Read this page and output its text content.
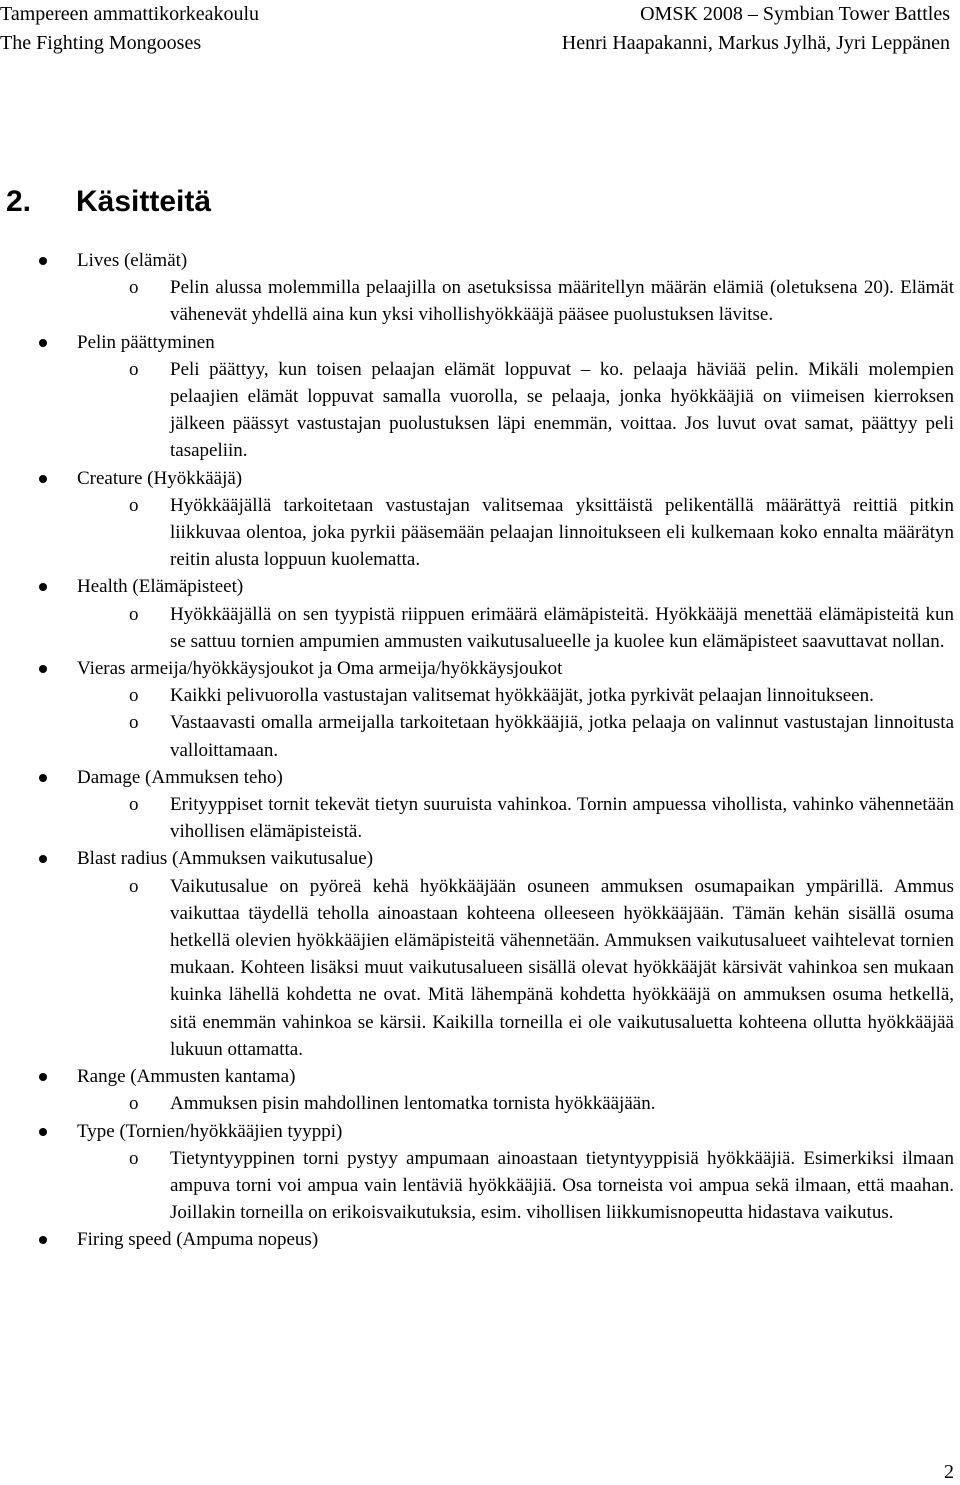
Tampereen ammattikorkeakoulu	OMSK 2008 – Symbian Tower Battles
The Fighting Mongooses	Henri Haapakanni, Markus Jylhä, Jyri Leppänen
2. Käsitteitä
Lives (elämät)
o Pelin alussa molemmilla pelaajilla on asetuksissa määritellyn määrän elämiä (oletuksena 20). Elämät vähenevät yhdellä aina kun yksi vihollishyökkääjä pääsee puolustuksen lävitse.
Pelin päättyminen
o Peli päättyy, kun toisen pelaajan elämät loppuvat – ko. pelaaja häviää pelin. Mikäli molempien pelaajien elämät loppuvat samalla vuorolla, se pelaaja, jonka hyökkääjiä on viimeisen kierroksen jälkeen päässyt vastustajan puolustuksen läpi enemmän, voittaa. Jos luvut ovat samat, päättyy peli tasapeliin.
Creature (Hyökkääjä)
o Hyökkääjällä tarkoitetaan vastustajan valitsemaa yksittäistä pelikentällä määrättyä reittiä pitkin liikkuvaa olentoa, joka pyrkii pääsemään pelaajan linnoitukseen eli kulkemaan koko ennalta määrätyn reitin alusta loppuun kuolematta.
Health (Elämäpisteet)
o Hyökkääjällä on sen tyypistä riippuen erimäärä elämäpisteitä. Hyökkääjä menettää elämäpisteitä kun se sattuu tornien ampumien ammusten vaikutusalueelle ja kuolee kun elämäpisteet saavuttavat nollan.
Vieras armeija/hyökkäysjoukot ja Oma armeija/hyökkäysjoukot
o Kaikki pelivuorolla vastustajan valitsemat hyökkääjät, jotka pyrkivät pelaajan linnoitukseen.
o Vastaavasti omalla armeijalla tarkoitetaan hyökkääjiä, jotka pelaaja on valinnut vastustajan linnoitusta valloittamaan.
Damage (Ammuksen teho)
o Erityyppiset tornit tekevät tietyn suuruista vahinkoa. Tornin ampuessa vihollista, vahinko vähennetään vihollisen elämäpisteistä.
Blast radius (Ammuksen vaikutusalue)
o Vaikutusalue on pyöreä kehä hyökkääjään osuneen ammuksen osumapaikan ympärillä. Ammus vaikuttaa täydellä teholla ainoastaan kohteena olleeseen hyökkääjään. Tämän kehän sisällä osuma hetkellä olevien hyökkääjien elämäpisteitä vähennetään. Ammuksen vaikutusalueet vaihtelevat tornien mukaan. Kohteen lisäksi muut vaikutusalueen sisällä olevat hyökkääjät kärsivät vahinkoa sen mukaan kuinka lähellä kohdetta ne ovat. Mitä lähempänä kohdetta hyökkääjä on ammuksen osuma hetkellä, sitä enemmän vahinkoa se kärsii. Kaikilla torneilla ei ole vaikutusaluetta kohteena ollutta hyökkääjää lukuun ottamatta.
Range (Ammusten kantama)
o Ammuksen pisin mahdollinen lentomatka tornista hyökkääjään.
Type (Tornien/hyökkääjien tyyppi)
o Tietyntyyppinen torni pystyy ampumaan ainoastaan tietyntyyppisiä hyökkääjiä. Esimerkiksi ilmaan ampuva torni voi ampua vain lentäviä hyökkääjiä. Osa torneista voi ampua sekä ilmaan, että maahan. Joillakin torneilla on erikoisvaikutuksia, esim. vihollisen liikkumisnopeutta hidastava vaikutus.
Firing speed (Ampuma nopeus)
2
